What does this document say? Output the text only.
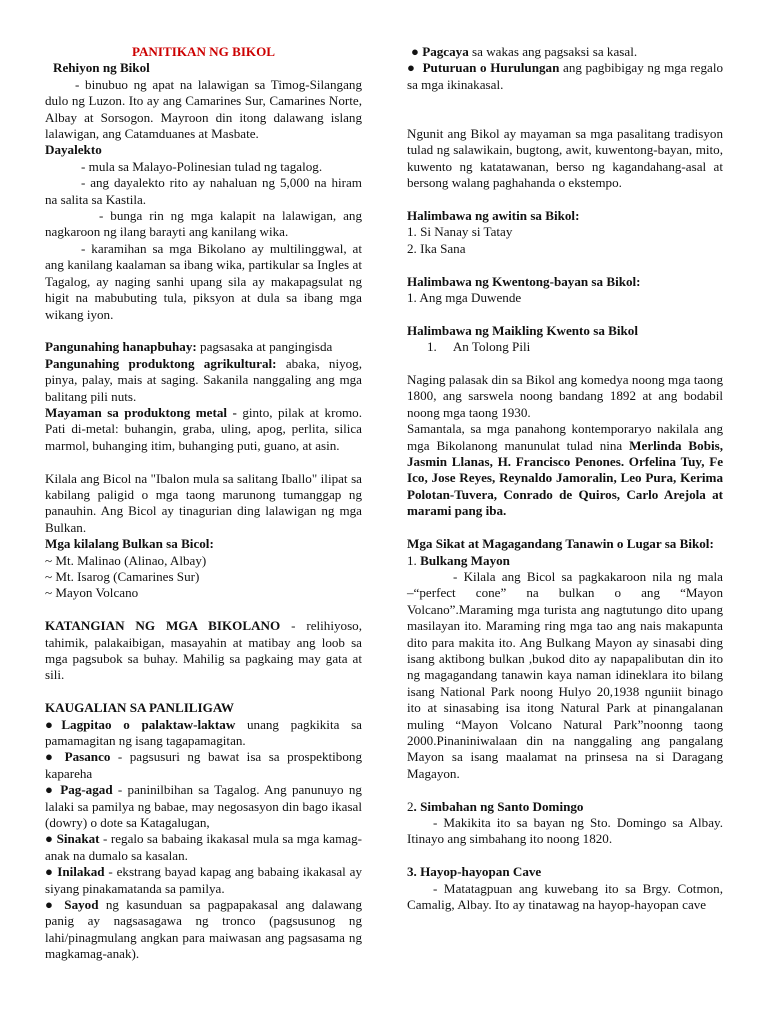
PANITIKAN NG BIKOL

Rehiyon ng Bikol

- binubuo ng apat na lalawigan sa Timog-Silangang dulo ng Luzon. Ito ay ang Camarines Sur, Camarines Norte, Albay at Sorsogon. Mayroon din itong dalawang islang lalawigan, ang Catamduanes at Masbate.

Dayalekto

- mula sa Malayo-Polinesian tulad ng tagalog.

- ang dayalekto rito ay nahaluan ng 5,000 na hiram na salita sa Kastila.

- bunga rin ng mga kalapit na lalawigan, ang nagkaroon ng ilang barayti ang kanilang wika.

- karamihan sa mga Bikolano ay multilinggwal, at ang kanilang kaalaman sa ibang wika, partikular sa Ingles at Tagalog, ay naging sanhi upang sila ay makapagsulat ng higit na mabubuting tula, piksyon at dula sa ibang mga wikang iyon.

Pangunahing hanapbuhay: pagsasaka at pangingisda

Pangunahing produktong agrikultural: abaka, niyog, pinya, palay, mais at saging. Sakanila nanggaling ang mga balitang pili nuts.

Mayaman sa produktong metal - ginto, pilak at kromo. Pati di-metal: buhangin, graba, uling, apog, perlita, silica marmol, buhanging itim, buhanging puti, guano, at asin.

Kilala ang Bicol na "Ibalon mula sa salitang Iballo" ilipat sa kabilang paligid o mga taong marunong tumanggap ng panauhin. Ang Bicol ay tinagurian ding lalawigan ng mga Bulkan.

Mga kilalang Bulkan sa Bicol:

~ Mt. Malinao (Alinao, Albay)

~ Mt. Isarog (Camarines Sur)

~ Mayon Volcano

KATANGIAN NG MGA BIKOLANO - relihiyoso, tahimik, palakaibigan, masayahin at matibay ang loob sa mga pagsubok sa buhay. Mahilig sa pagkaing may gata at sili.

KAUGALIAN SA PANLILIGAW

●Lagpitao o palaktaw-laktaw unang pagkikita sa pamamagitan ng isang tagapamagitan.

● Pasanco - pagsusuri ng bawat isa sa prospektibong kapareha

● Pag-agad - paninilbihan sa Tagalog. Ang panunuyo ng lalaki sa pamilya ng babae, may negosasyon din bago ikasal (dowry) o dote sa Katagalugan,

● Sinakat - regalo sa babaing ikakasal mula sa mga kamag-anak na dumalo sa kasalan.

● Inilakad - ekstrang bayad kapag ang babaing ikakasal ay siyang pinakamatanda sa pamilya.

● Sayod ng kasunduan sa pagpapakasal ang dalawang panig ay nagsasagawa ng tronco (pagsusunog ng lahi/pinagmulang angkan para maiwasan ang pagsasama ng magkamag-anak).

● Pagcaya sa wakas ang pagsaksi sa kasal.

● Puturuan o Hurulungan ang pagbibigay ng mga regalo sa mga ikinakasal.

Ngunit ang Bikol ay mayaman sa mga pasalitang tradisyon tulad ng salawikain, bugtong, awit, kuwentong-bayan, mito, kuwento ng katatawanan, berso ng kagandahang-asal at bersong walang paghahanda o ekstempo.

Halimbawa ng awitin sa Bikol:

1. Si Nanay si Tatay

2. Ika Sana

Halimbawa ng Kwentong-bayan sa Bikol:

1. Ang mga Duwende

Halimbawa ng Maikling Kwento sa Bikol

1. An Tolong Pili

Naging palasak din sa Bikol ang komedya noong mga taong 1800, ang sarswela noong bandang 1892 at ang bodabil noong mga taong 1930.

Samantala, sa mga panahong kontemporaryo nakilala ang mga Bikolanong manunulat tulad nina Merlinda Bobis, Jasmin Llanas, H. Francisco Penones. Orfelina Tuy, Fe Ico, Jose Reyes, Reynaldo Jamoralin, Leo Pura, Kerima Polotan-Tuvera, Conrado de Quiros, Carlo Arejola at marami pang iba.

Mga Sikat at Magagandang Tanawin o Lugar sa Bikol:

1. Bulkang Mayon

- Kilala ang Bicol sa pagkakaroon nila ng mala –“perfect cone” na bulkan o ang “Mayon Volcano”.Maraming mga turista ang nagtutungo dito upang masilayan ito. Maraming ring mga tao ang nais makapunta dito para makita ito. Ang Bulkang Mayon ay sinasabi ding isang aktibong bulkan ,bukod dito ay napapalibutan din ito ng magagandang tanawin kaya naman idineklara ito bilang isang National Park noong Hulyo 20,1938 nguniit binago ito at sinasabing isa itong Natural Park at pinangalanan muling “Mayon Volcano Natural Park”noonng taong 2000.Pinaniniwalaan din na nanggaling ang pangalang Mayon sa isang maalamat na prinsesa na si Daragang Magayon.

2. Simbahan ng Santo Domingo

- Makikita ito sa bayan ng Sto. Domingo sa Albay. Itinayo ang simbahang ito noong 1820.

3. Hayop-hayopan Cave

- Matatagpuan ang kuwebang ito sa Brgy. Cotmon, Camalig, Albay. Ito ay tinatawag na hayop-hayopan cave
